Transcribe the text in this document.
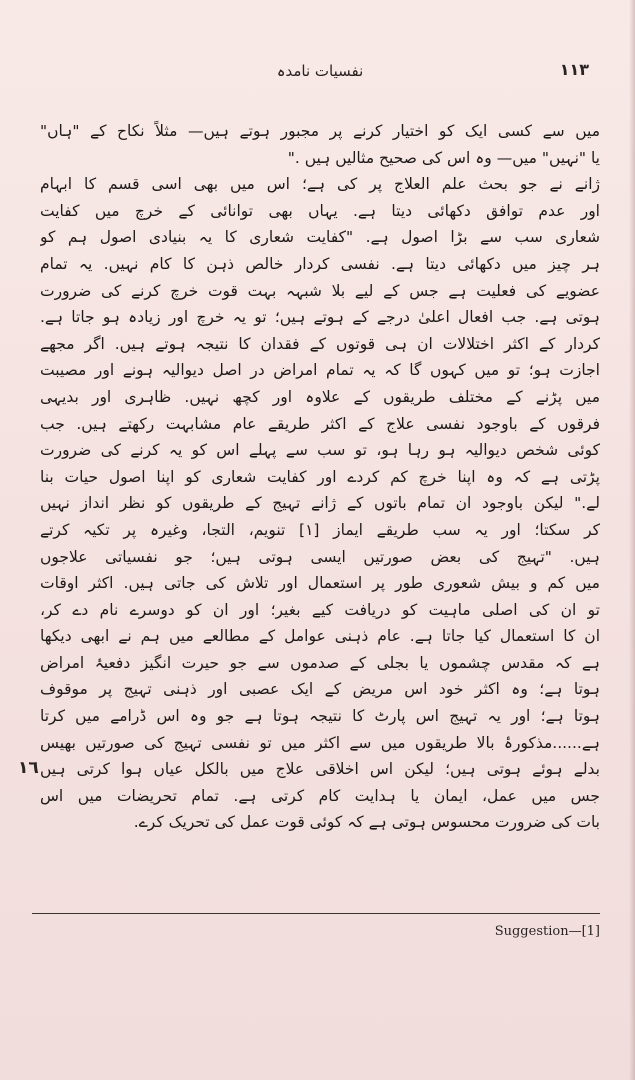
نفسیات نامدہ	۱۱۳
میں سے کسی ایک کو اختیار کرنے پر مجبور ہوتے ہیں— مثلاً نکاح کے "ہاں"
یا "نہیں" میں— وہ اس کی صحیح مثالیں ہیں ."
ژانے نے جو بحث علم العلاج پر کی ہے؛ اس میں بھی اسی قسم کا ابہام
اور عدم توافق دکھائی دیتا ہے. یہاں بھی توانائی کے خرچ میں کفایت
شعاری سب سے بڑا اصول ہے. "کفایت شعاری کا یہ بنیادی اصول ہم کو
ہر چیز میں دکھائی دیتا ہے. نفسی کردار خالص ذہن کا کام نہیں. یہ تمام
عضویے کی فعلیت ہے جس کے لیے بلا شبہہ بہت قوت خرچ کرنے کی ضرورت
ہوتی ہے. جب افعال اعلیٰ درجے کے ہوتے ہیں؛ تو یہ خرچ اور زیادہ ہو جاتا ہے.
کردار کے اکثر اختلالات ان ہی قوتوں کے فقدان کا نتیجہ ہوتے ہیں. اگر مجھے
اجازت ہو؛ تو میں کہوں گا کہ یہ تمام امراض در اصل دیوالیہ ہونے اور مصیبت
میں پڑنے کے مختلف طریقوں کے علاوہ اور کچھ نہیں. ظاہری اور بدیہی
فرقوں کے باوجود نفسی علاج کے اکثر طریقے عام مشابہت رکھتے ہیں. جب
کوئی شخص دیوالیہ ہو رہا ہو، تو سب سے پہلے اس کو یہ کرنے کی ضرورت
پڑتی ہے کہ وہ اپنا خرچ کم کردے اور کفایت شعاری کو اپنا اصول حیات بنا
لے." لیکن باوجود ان تمام باتوں کے ژانے تہیج کے طریقوں کو نظر انداز نہیں
کر سکتا؛ اور یہ سب طریقے ایماز [۱] تنویم، التجا، وغیرہ پر تکیہ کرتے
ہیں. "تہیج کی بعض صورتیں ایسی ہوتی ہیں؛ جو نفسیاتی علاجوں
میں کم و بیش شعوری طور پر استعمال اور تلاش کی جاتی ہیں. اکثر اوقات
تو ان کی اصلی ماہیت کو دریافت کیے بغیر؛ اور ان کو دوسرے نام دے کر،
ان کا استعمال کیا جاتا ہے. عام ذہنی عوامل کے مطالعے میں ہم نے ابھی دیکھا
ہے کہ مقدس چشموں یا بجلی کے صدموں سے جو حیرت انگیز دفعیۂ امراض
ہوتا ہے؛ وہ اکثر خود اس مریض کے ایک عصبی اور ذہنی تہیج پر موقوف
ہوتا ہے؛ اور یہ تہیج اس پارٹ کا نتیجہ ہوتا ہے جو وہ اس ڈرامے میں کرتا
ہے......مذکورۂ بالا طریقوں میں سے اکثر میں تو نفسی تہیج کی صورتیں بھیس
بدلے ہوئے ہوتی ہیں؛ لیکن اس اخلاقی علاج میں بالکل عیاں ہوا کرتی ہیں
جس میں عمل، ایمان یا ہدایت کام کرتی ہے. تمام تحریضات میں اس
بات کی ضرورت محسوس ہوتی ہے کہ کوئی قوت عمل کی تحریک کرے.
۱٦
Suggestion—[1]
